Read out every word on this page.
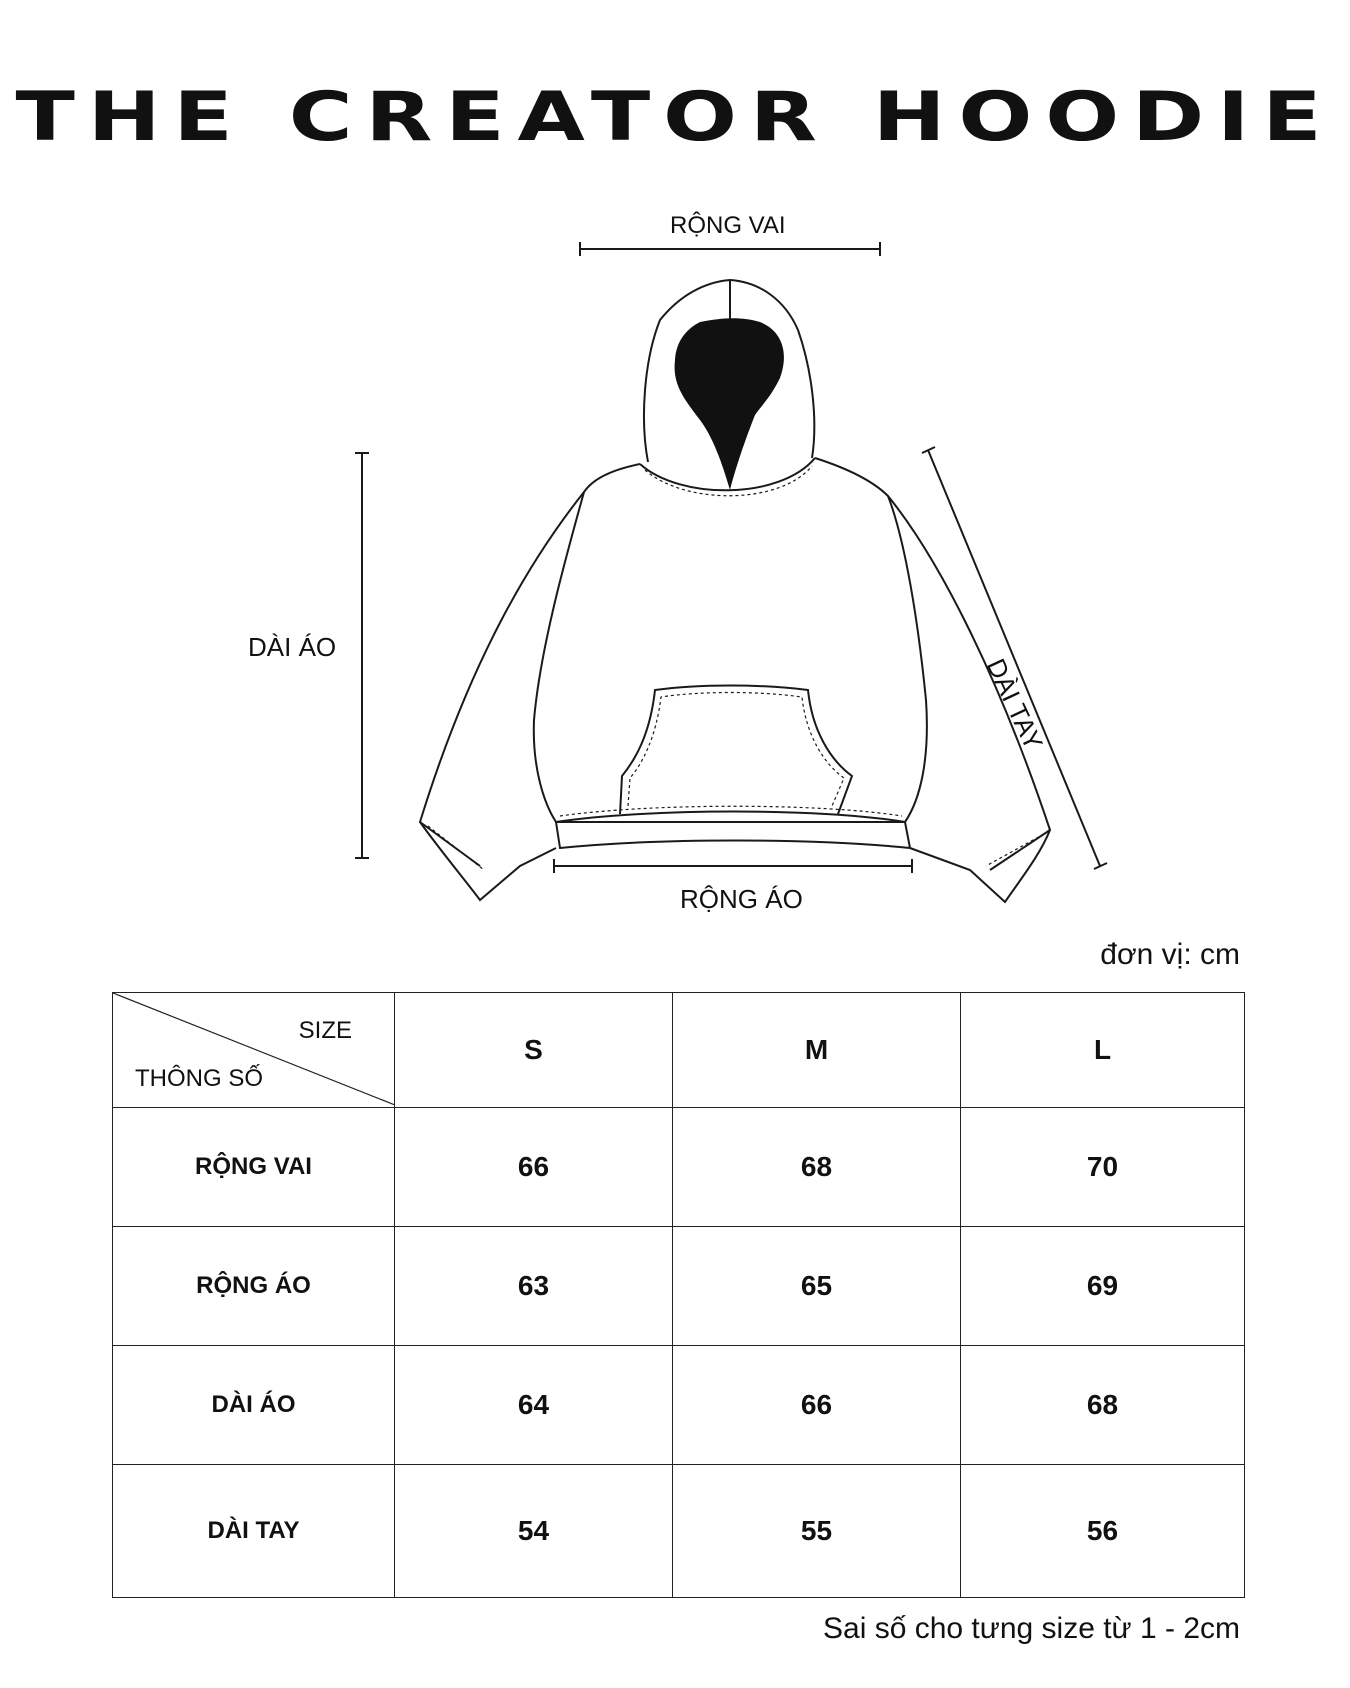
THE CREATOR HOODIE
RỘNG VAI
DÀI ÁO
DÀI TAY
RỘNG ÁO
đơn vị: cm
SIZE
THÔNG SỐ	S	M	L
RỘNG VAI	66	68	70
RỘNG ÁO	63	65	69
DÀI ÁO	64	66	68
DÀI TAY	54	55	56
Sai số cho tưng size từ 1 - 2cm
